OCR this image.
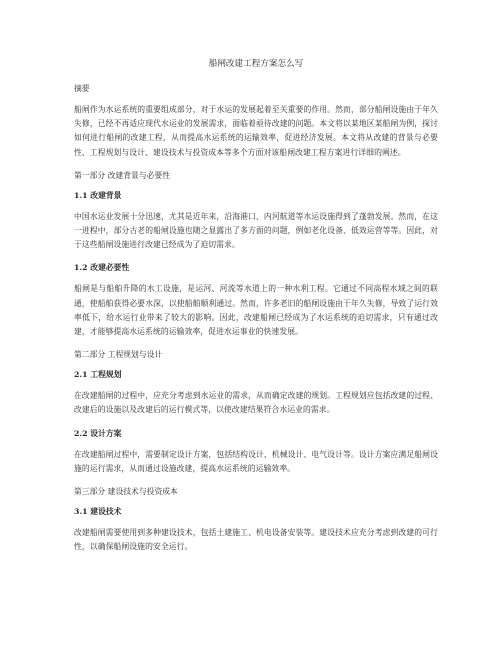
船闸改建工程方案怎么写
摘要

船闸作为水运系统的重要组成部分，对于水运的发展起着至关重要的作用。然而，部分船闸设施由于年久失修，已经不再适应现代水运业的发展需求，面临着亟待改建的问题。本文将以某地区某船闸为例，探讨如何进行船闸的改建工程，从而提高水运系统的运输效率，促进经济发展。本文将从改建的背景与必要性、工程规划与设计、建设技术与投资成本等多个方面对该船闸改建工程方案进行详细的阐述。

第一部分 改建背景与必要性
1.1 改建背景

中国水运业发展十分迅速，尤其是近年来，沿海港口、内河航道等水运设施得到了蓬勃发展。然而，在这一进程中，部分古老的船闸设施也随之显露出了多方面的问题，例如老化设备、低效运营等等。因此，对于这些船闸设施进行改建已经成为了迫切需求。

1.2 改建必要性

船闸是与船舶升降的水工设施，是运河、河流等水道上的一种水利工程。它通过不同高程水域之间的联通，使船舶获得必要水深，以使船舶顺利通过。然而，许多老旧的船闸设施由于年久失修，导致了运行效率低下，给水运行业带来了较大的影响。因此，改建船闸已经成为了水运系统的迫切需求，只有通过改建，才能够提高水运系统的运输效率，促进水运事业的快速发展。

第二部分 工程规划与设计
2.1 工程规划

在改建船闸的过程中，应充分考虑到水运业的需求，从而确定改建的规划。工程规划应包括改建的过程、改建后的设施以及改建后的运行模式等，以使改建结果符合水运业的需求。

2.2 设计方案

在改建船闸过程中，需要制定设计方案，包括结构设计、机械设计、电气设计等。设计方案应满足船闸设施的运行需求，从而通过设施改建，提高水运系统的运输效率。

第三部分 建设技术与投资成本
3.1 建设技术

改建船闸需要使用到多种建设技术，包括土建施工、机电设备安装等。建设技术应充分考虑到改建的可行性，以确保船闸设施的安全运行。
